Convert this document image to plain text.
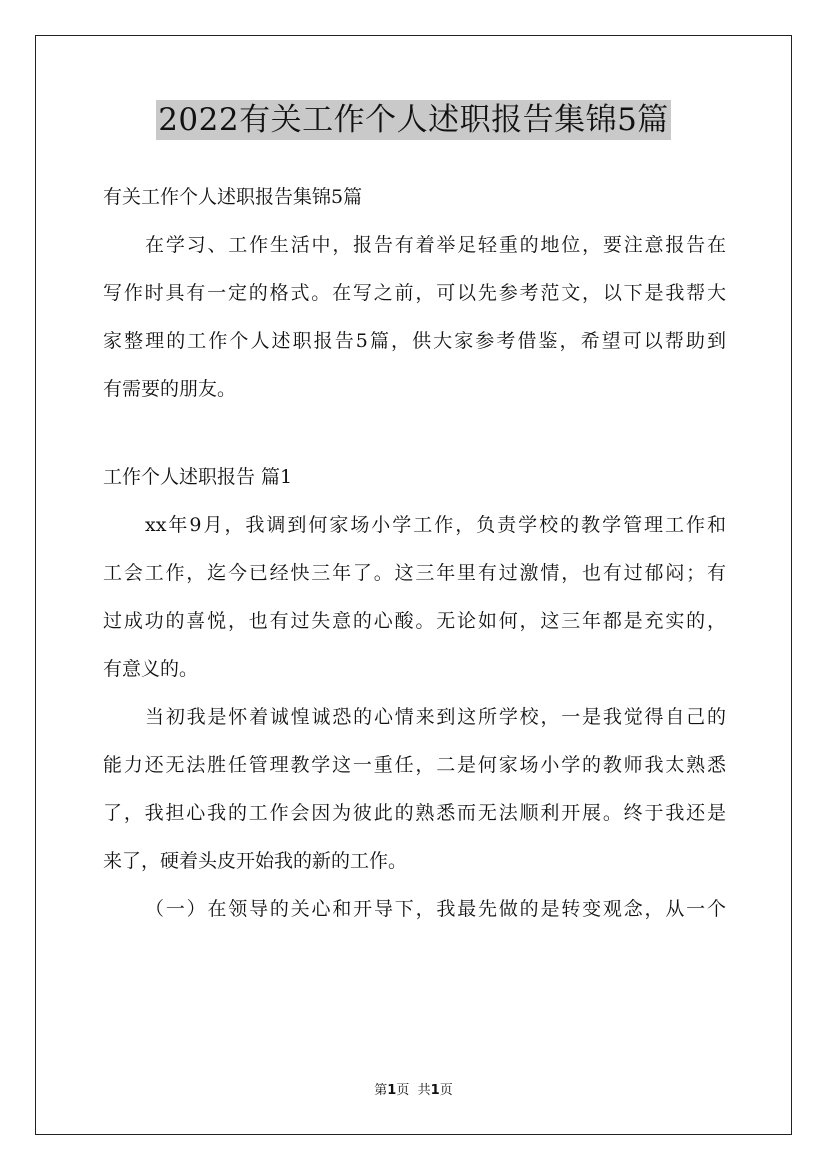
2022有关工作个人述职报告集锦5篇
有关工作个人述职报告集锦5篇
在学习、工作生活中，报告有着举足轻重的地位，要注意报告在
写作时具有一定的格式。在写之前，可以先参考范文，以下是我帮大
家整理的工作个人述职报告5篇，供大家参考借鉴，希望可以帮助到
有需要的朋友。
工作个人述职报告 篇1
xx年9月，我调到何家场小学工作，负责学校的教学管理工作和
工会工作，迄今已经快三年了。这三年里有过激情，也有过郁闷；有
过成功的喜悦，也有过失意的心酸。无论如何，这三年都是充实的，
有意义的。
当初我是怀着诚惶诚恐的心情来到这所学校，一是我觉得自己的
能力还无法胜任管理教学这一重任，二是何家场小学的教师我太熟悉
了，我担心我的工作会因为彼此的熟悉而无法顺利开展。终于我还是
来了，硬着头皮开始我的新的工作。
（一）在领导的关心和开导下，我最先做的是转变观念，从一个
第1页 共1页
